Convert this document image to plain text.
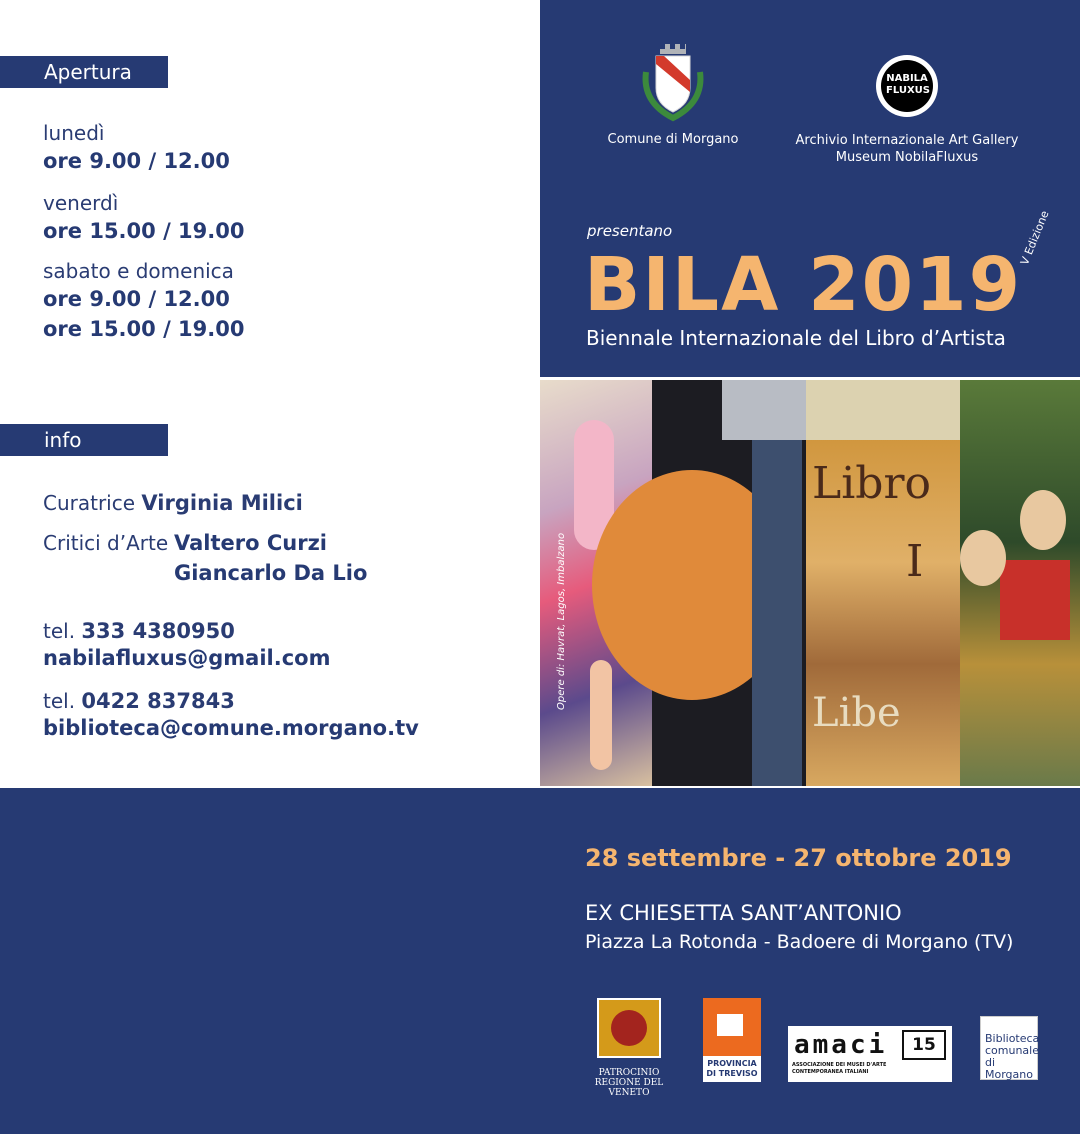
Apertura
lunedì
ore 9.00 / 12.00
venerdì
ore 15.00 / 19.00
sabato e domenica
ore 9.00 / 12.00
ore 15.00 / 19.00
info
Curatrice Virginia Milici
Critici d’Arte Valtero Curzi
Giancarlo Da Lio
tel. 333 4380950
nabilafluxus@gmail.com
tel. 0422 837843
biblioteca@comune.morgano.tv
Comune di Morgano
NABILA FLUXUS
Archivio Internazionale Art Gallery
Museum NobilaFluxus
presentano
BILA 2019
V Edizione
Biennale Internazionale del Libro d’Artista
Opere di: Havrat, Lagos, Imbalzano
Libro
I
Libe
28 settembre - 27 ottobre 2019
EX CHIESETTA SANT’ANTONIO
Piazza La Rotonda - Badoere di Morgano (TV)
PATROCINIO
REGIONE DEL VENETO
PROVINCIA
DI TREVISO
amaci	15
ASSOCIAZIONE DEI MUSEI D'ARTE
CONTEMPORANEA ITALIANI
Biblioteca
comunale
di Morgano
